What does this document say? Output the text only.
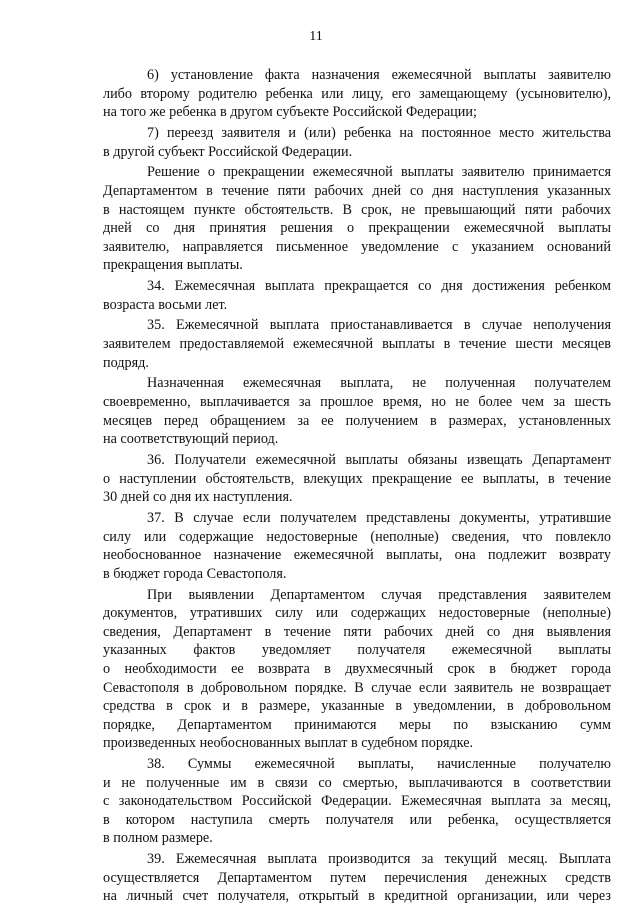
11
6) установление факта назначения ежемесячной выплаты заявителю
либо второму родителю ребенка или лицу, его замещающему (усыновителю),
на того же ребенка в другом субъекте Российской Федерации;
7) переезд заявителя и (или) ребенка на постоянное место жительства
в другой субъект Российской Федерации.
Решение о прекращении ежемесячной выплаты заявителю принимается
Департаментом в течение пяти рабочих дней со дня наступления указанных
в настоящем пункте обстоятельств. В срок, не превышающий пяти рабочих
дней со дня принятия решения о прекращении ежемесячной выплаты
заявителю, направляется письменное уведомление с указанием оснований
прекращения выплаты.
34. Ежемесячная выплата прекращается со дня достижения ребенком
возраста восьми лет.
35. Ежемесячной выплата приостанавливается в случае неполучения
заявителем предоставляемой ежемесячной выплаты в течение шести месяцев
подряд.
Назначенная ежемесячная выплата, не полученная получателем
своевременно, выплачивается за прошлое время, но не более чем за шесть
месяцев перед обращением за ее получением в размерах, установленных
на соответствующий период.
36. Получатели ежемесячной выплаты обязаны извещать Департамент
о наступлении обстоятельств, влекущих прекращение ее выплаты, в течение
30 дней со дня их наступления.
37. В случае если получателем представлены документы, утратившие
силу или содержащие недостоверные (неполные) сведения, что повлекло
необоснованное назначение ежемесячной выплаты, она подлежит возврату
в бюджет города Севастополя.
При выявлении Департаментом случая представления заявителем
документов, утративших силу или содержащих недостоверные (неполные)
сведения, Департамент в течение пяти рабочих дней со дня выявления
указанных фактов уведомляет получателя ежемесячной выплаты
о необходимости ее возврата в двухмесячный срок в бюджет города
Севастополя в добровольном порядке. В случае если заявитель не возвращает
средства в срок и в размере, указанные в уведомлении, в добровольном
порядке, Департаментом принимаются меры по взысканию сумм
произведенных необоснованных выплат в судебном порядке.
38. Суммы ежемесячной выплаты, начисленные получателю
и не полученные им в связи со смертью, выплачиваются в соответствии
с законодательством Российской Федерации. Ежемесячная выплата за месяц,
в котором наступила смерть получателя или ребенка, осуществляется
в полном размере.
39. Ежемесячная выплата производится за текущий месяц. Выплата
осуществляется Департаментом путем перечисления денежных средств
на личный счет получателя, открытый в кредитной организации, или через
